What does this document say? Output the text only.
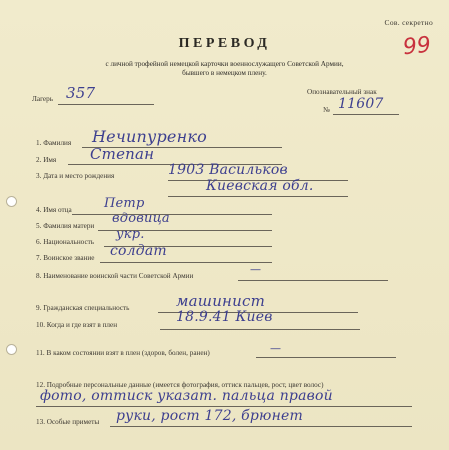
Сов. секретно
99
ПЕРЕВОД
с личной трофейной немецкой карточки военнослужащего Советской Армии,
бывшего в немецком плену.
Лагерь 357	Опознавательный знак
№ 11607
1. Фамилия Нечипуренко
2. Имя Степан
3. Дата и место рождения	1903 Васильков
Киевская обл.
4. Имя отца Петр
5. Фамилия матери вдовица
6. Национальность укр.
7. Воинское звание солдат
8. Наименование воинской части Советской Армии	—
9. Гражданская специальность	машинист
10. Когда и где взят в плен	18.9.41 Киев
11. В каком состоянии взят в плен (здоров, болен, ранен)	—
12. Подробные персональные данные (имеется фотография, оттиск пальцев, рост, цвет волос)
фото, оттиск указат. пальца правой
13. Особые приметы руки, рост 172, брюнет
